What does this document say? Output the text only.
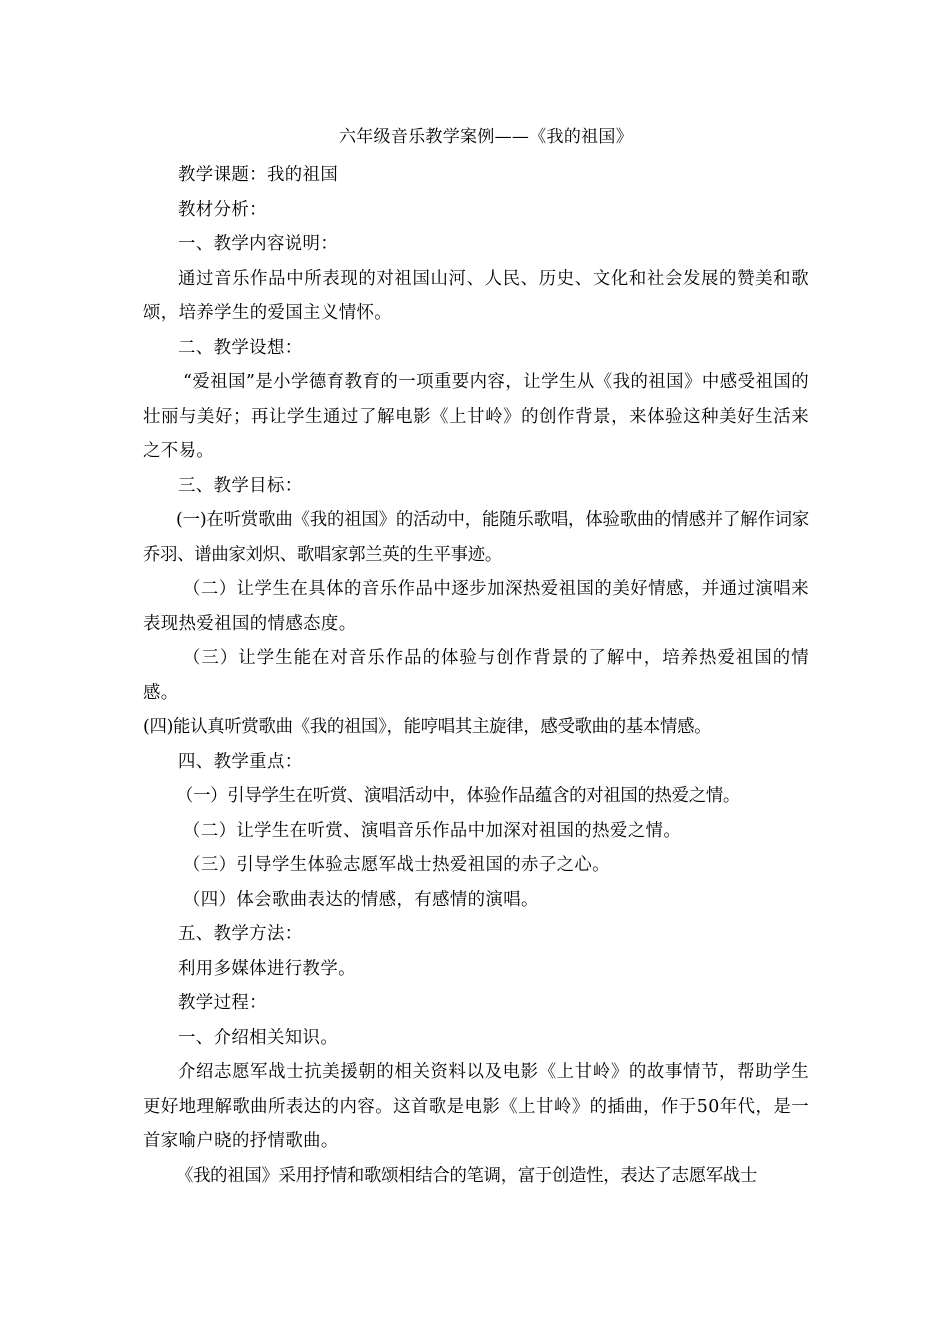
六年级音乐教学案例——《我的祖国》

教学课题：我的祖国

教材分析：

一、教学内容说明：

通过音乐作品中所表现的对祖国山河、人民、历史、文化和社会发展的赞美和歌颂，培养学生的爱国主义情怀。

二、教学设想：

“爱祖国”是小学德育教育的一项重要内容，让学生从《我的祖国》中感受祖国的壮丽与美好；再让学生通过了解电影《上甘岭》的创作背景，来体验这种美好生活来之不易。

三、教学目标：

(一)在听赏歌曲《我的祖国》的活动中，能随乐歌唱，体验歌曲的情感并了解作词家乔羽、谱曲家刘炽、歌唱家郭兰英的生平事迹。

（二）让学生在具体的音乐作品中逐步加深热爱祖国的美好情感，并通过演唱来表现热爱祖国的情感态度。

（三）让学生能在对音乐作品的体验与创作背景的了解中，培养热爱祖国的情感。

(四)能认真听赏歌曲《我的祖国》，能哼唱其主旋律，感受歌曲的基本情感。

四、教学重点：

（一）引导学生在听赏、演唱活动中，体验作品蕴含的对祖国的热爱之情。

（二）让学生在听赏、演唱音乐作品中加深对祖国的热爱之情。

（三）引导学生体验志愿军战士热爱祖国的赤子之心。

（四）体会歌曲表达的情感，有感情的演唱。

五、教学方法：

利用多媒体进行教学。

教学过程：

一、介绍相关知识。

介绍志愿军战士抗美援朝的相关资料以及电影《上甘岭》的故事情节，帮助学生更好地理解歌曲所表达的内容。这首歌是电影《上甘岭》的插曲，作于50年代，是一首家喻户晓的抒情歌曲。

《我的祖国》采用抒情和歌颂相结合的笔调，富于创造性，表达了志愿军战士
